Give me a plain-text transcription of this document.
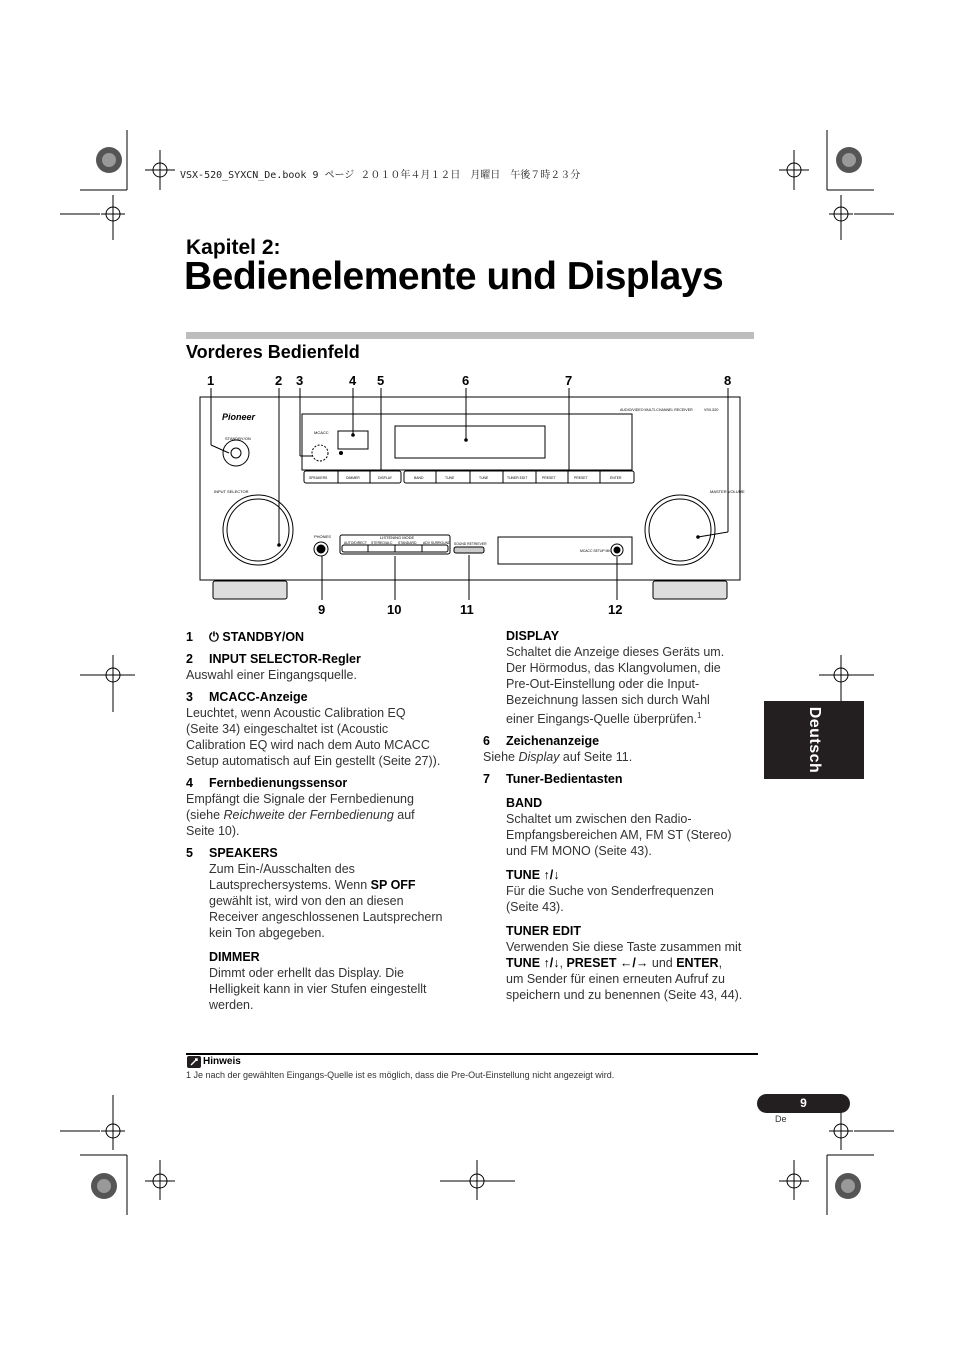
VSX-520_SYXCN_De.book 9 ページ ２０１０年４月１２日　月曜日　午後７時２３分
Kapitel 2:
Bedienelemente und Displays
Vorderes Bedienfeld
1	2 3	4 5	6	7	8
9	10	11	12
Pioneer
AUDIO/VIDEO MULTI-CHANNEL RECEIVER	VSX-520
STANDBY/ON
INPUT SELECTOR	MASTER VOLUME
PHONES
MCACC
LISTENING MODE
AUTO/DIRECT STEREO/ALC STANDARD ADV SURROUND SOUND RETRIEVER
MCACC SETUP MIC
SPEAKERS	DIMMER	DISPLAY	BAND	TUNE	TUNE	TUNER EDIT	PRESET	PRESET	ENTER

1 ⏻ STANDBY/ON

2 INPUT SELECTOR-Regler

Auswahl einer Eingangsquelle.

3 MCACC-Anzeige

Leuchtet, wenn Acoustic Calibration EQ

(Seite 34) eingeschaltet ist (Acoustic

Calibration EQ wird nach dem Auto MCACC

Setup automatisch auf Ein gestellt (Seite 27)).

4 Fernbedienungssensor

Empfängt die Signale der Fernbedienung

(siehe Reichweite der Fernbedienung auf

Seite 10).

5 SPEAKERS

Zum Ein-/Ausschalten des

Lautsprechersystems. Wenn SP OFF

gewählt ist, wird von den an diesen

Receiver angeschlossenen Lautsprechern

kein Ton abgegeben.

DIMMER

Dimmt oder erhellt das Display. Die

Helligkeit kann in vier Stufen eingestellt

werden.

DISPLAY

Schaltet die Anzeige dieses Geräts um.

Der Hörmodus, das Klangvolumen, die

Pre-Out-Einstellung oder die Input-

Bezeichnung lassen sich durch Wahl

einer Eingangs-Quelle überprüfen.$^1$

6 Zeichenanzeige

Siehe Display auf Seite 11.

7 Tuner-Bedientasten

BAND

Schaltet um zwischen den Radio-

Empfangsbereichen AM, FM ST (Stereo)

und FM MONO (Seite 43).

TUNE ↑/↓

Für die Suche von Senderfrequenzen

(Seite 43).

TUNER EDIT

Verwenden Sie diese Taste zusammen mit

TUNE ↑/↓, PRESET ←/→ und ENTER,

um Sender für einen erneuten Aufruf zu

speichern und zu benennen (Seite 43, 44).

Deutsch
Hinweis
1 Je nach der gewählten Eingangs-Quelle ist es möglich, dass die Pre-Out-Einstellung nicht angezeigt wird.
9
De
